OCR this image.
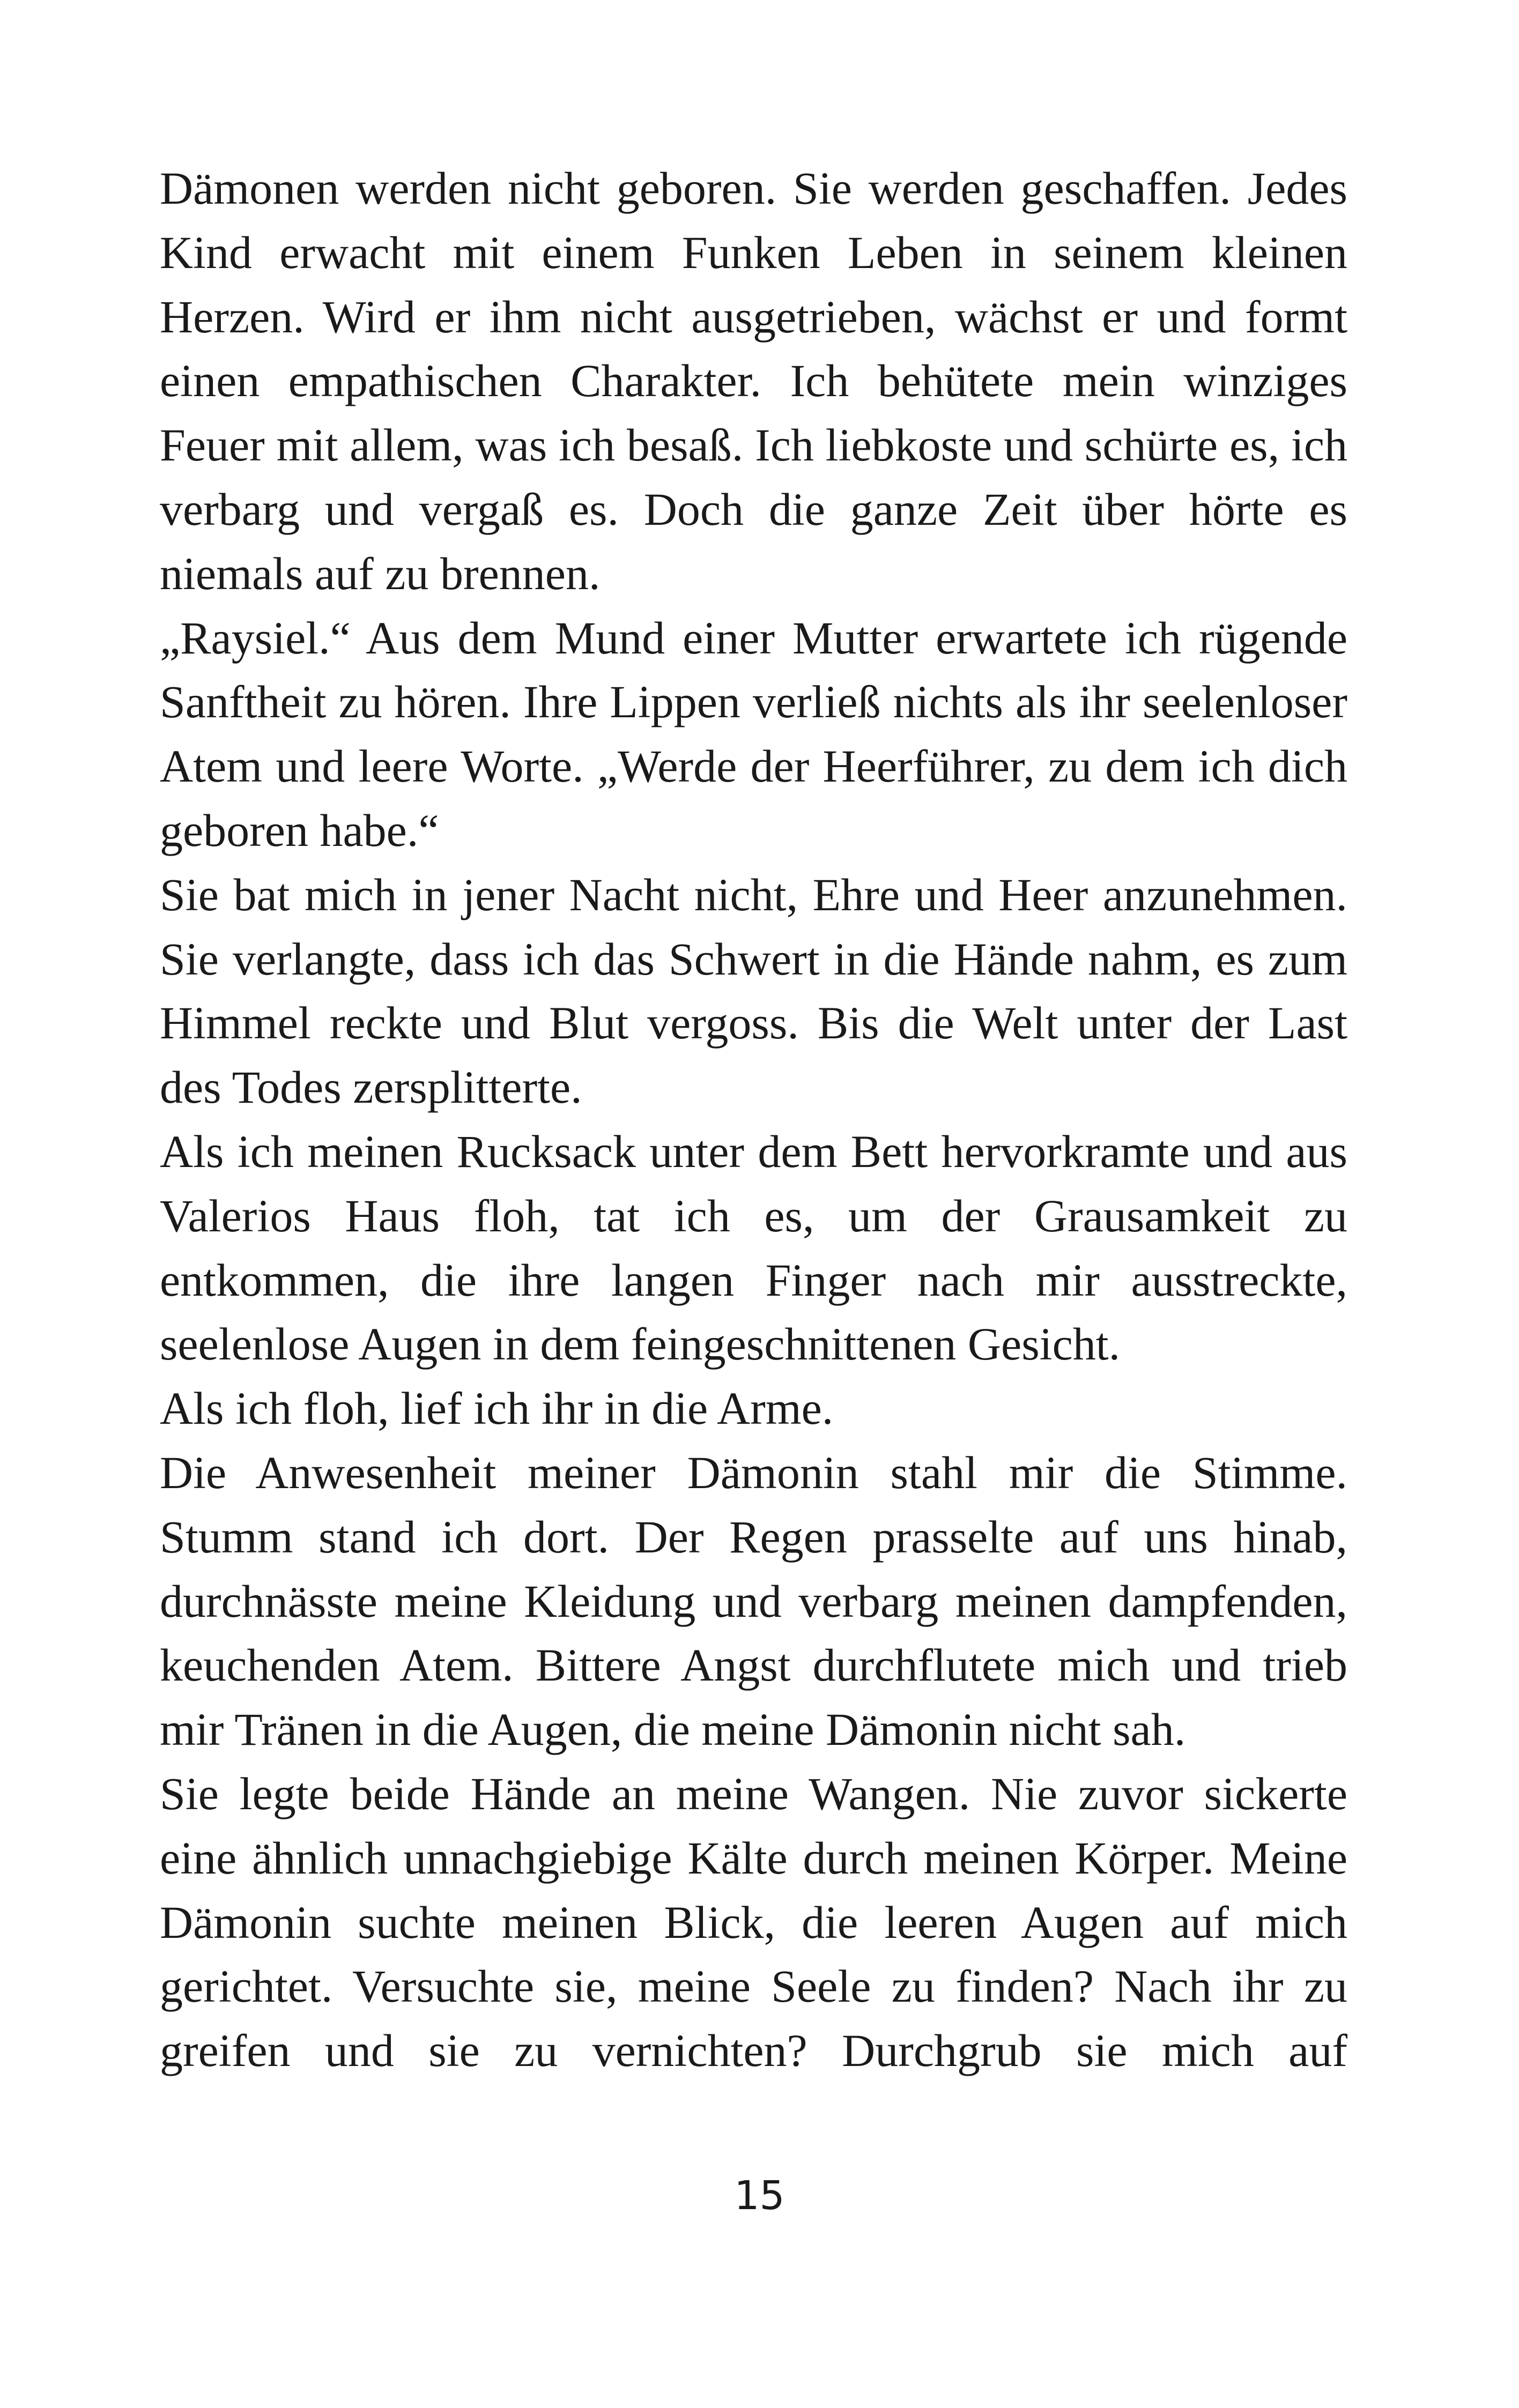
Dämonen werden nicht geboren. Sie werden geschaffen. Jedes Kind erwacht mit einem Funken Leben in seinem kleinen Herzen. Wird er ihm nicht ausgetrieben, wächst er und formt einen empathischen Charakter. Ich behütete mein winziges Feuer mit allem, was ich besaß. Ich liebkoste und schürte es, ich verbarg und vergaß es. Doch die ganze Zeit über hörte es niemals auf zu brennen.

„Raysiel.“ Aus dem Mund einer Mutter erwartete ich rügende Sanftheit zu hören. Ihre Lippen verließ nichts als ihr seelenloser Atem und leere Worte. „Werde der Heerführer, zu dem ich dich geboren habe.“

Sie bat mich in jener Nacht nicht, Ehre und Heer anzunehmen. Sie verlangte, dass ich das Schwert in die Hände nahm, es zum Himmel reckte und Blut vergoss. Bis die Welt unter der Last des Todes zersplitterte.

Als ich meinen Rucksack unter dem Bett hervorkramte und aus Valerios Haus floh, tat ich es, um der Grausamkeit zu entkommen, die ihre langen Finger nach mir ausstreckte, seelenlose Augen in dem feingeschnittenen Gesicht.

Als ich floh, lief ich ihr in die Arme.

Die Anwesenheit meiner Dämonin stahl mir die Stimme. Stumm stand ich dort. Der Regen prasselte auf uns hinab, durchnässte meine Kleidung und verbarg meinen dampfenden, keuchenden Atem. Bittere Angst durchflutete mich und trieb mir Tränen in die Augen, die meine Dämonin nicht sah.

Sie legte beide Hände an meine Wangen. Nie zuvor sickerte eine ähnlich unnachgiebige Kälte durch meinen Körper. Meine Dämonin suchte meinen Blick, die leeren Augen auf mich gerichtet. Versuchte sie, meine Seele zu finden? Nach ihr zu greifen und sie zu vernichten? Durchgrub sie mich auf

15
